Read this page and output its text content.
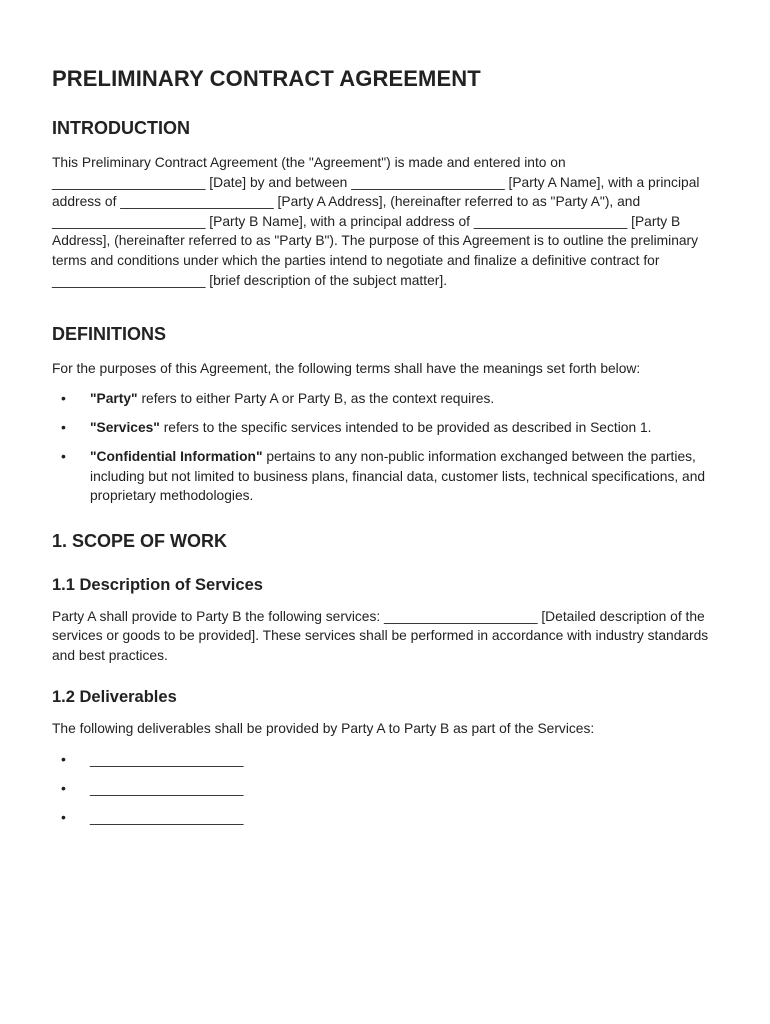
PRELIMINARY CONTRACT AGREEMENT
INTRODUCTION

This Preliminary Contract Agreement (the "Agreement") is made and entered into on ____________________ [Date] by and between ____________________ [Party A Name], with a principal address of ____________________ [Party A Address], (hereinafter referred to as "Party A"), and ____________________ [Party B Name], with a principal address of ____________________ [Party B Address], (hereinafter referred to as "Party B"). The purpose of this Agreement is to outline the preliminary terms and conditions under which the parties intend to negotiate and finalize a definitive contract for ____________________ [brief description of the subject matter].

DEFINITIONS

For the purposes of this Agreement, the following terms shall have the meanings set forth below:

• "Party" refers to either Party A or Party B, as the context requires.
• "Services" refers to the specific services intended to be provided as described in Section 1.
• "Confidential Information" pertains to any non-public information exchanged between the parties, including but not limited to business plans, financial data, customer lists, technical specifications, and proprietary methodologies.
1. SCOPE OF WORK
1.1 Description of Services

Party A shall provide to Party B the following services: ____________________ [Detailed description of the services or goods to be provided]. These services shall be performed in accordance with industry standards and best practices.

1.2 Deliverables

The following deliverables shall be provided by Party A to Party B as part of the Services:

• ____________________
• ____________________
• ____________________
